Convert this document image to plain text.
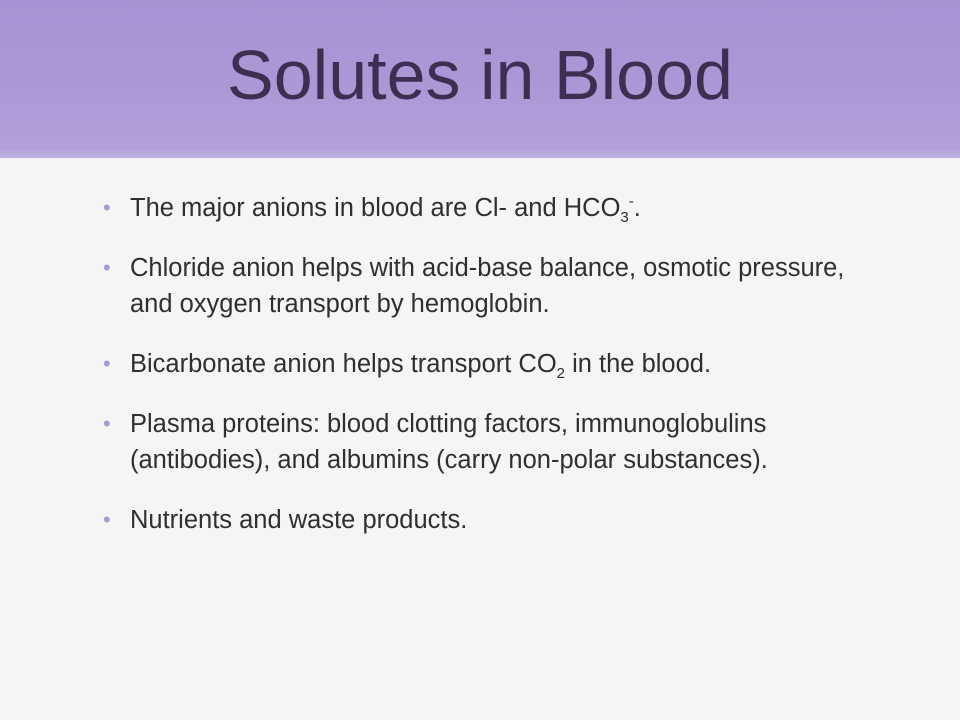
Solutes in Blood
• The major anions in blood are Cl- and $HCO_3^-$.
• Chloride anion helps with acid-base balance, osmotic pressure, and oxygen transport by hemoglobin.
• Bicarbonate anion helps transport $CO_2$ in the blood.
• Plasma proteins: blood clotting factors, immunoglobulins (antibodies), and albumins (carry non-polar substances).
• Nutrients and waste products.
